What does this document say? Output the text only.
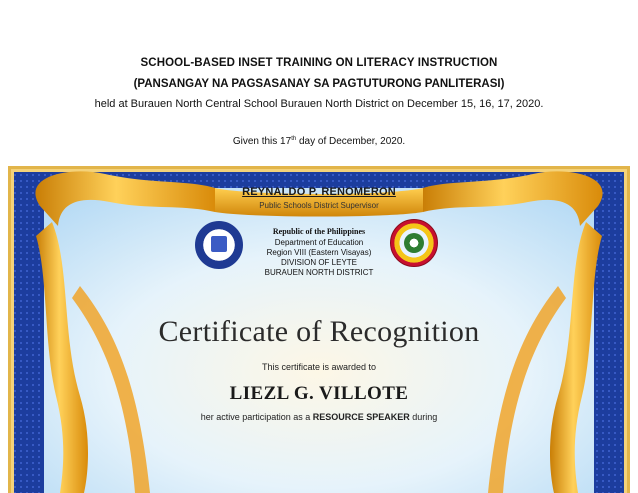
SCHOOL-BASED INSET TRAINING ON LITERACY INSTRUCTION
(PANSANGAY NA PAGSASANAY SA PAGTUTURONG PANLITERASI)
held at Burauen North Central School Burauen North District on December 15, 16, 17, 2020.
Given this 17th day of December, 2020.
REYNALDO P. RENOMERON
Public Schools District Supervisor
Republic of the Philippines
Department of Education
Region VIII (Eastern Visayas)
DIVISION OF LEYTE
BURAUEN NORTH DISTRICT
Certificate of Recognition
This certificate is awarded to
LIEZL G. VILLOTE
her active participation as a RESOURCE SPEAKER during
